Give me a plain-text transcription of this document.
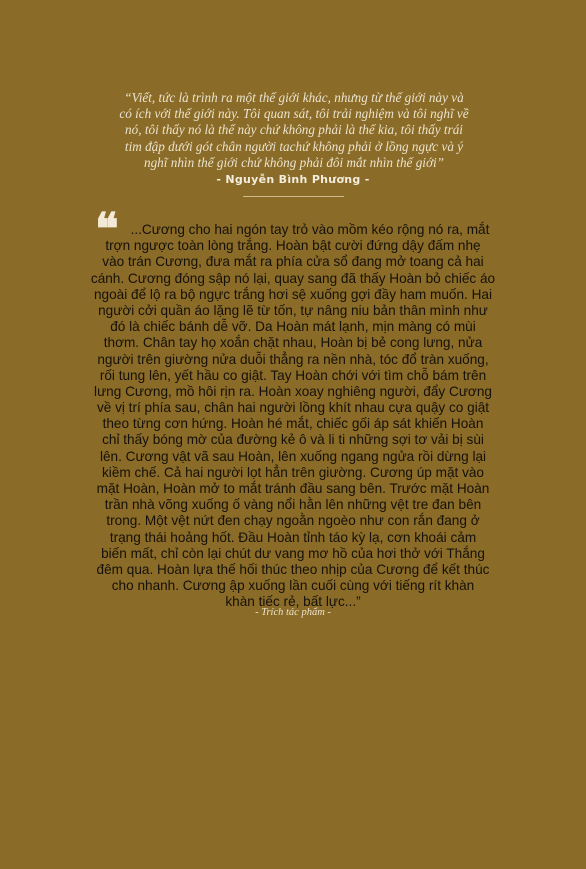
“Viết, tức là trình ra một thế giới khác, nhưng từ thế giới này và
có ích với thế giới này. Tôi quan sát, tôi trải nghiệm và tôi nghĩ về
nó, tôi thấy nó là thế này chứ không phải là thế kia, tôi thấy trái
tim đập dưới gót chân người tachứ không phải ở lồng ngực và ý
nghĩ nhìn thế giới chứ không phải đôi mắt nhìn thế giới”
- Nguyễn Bình Phương -
❝ ...Cương cho hai ngón tay trỏ vào mồm kéo rộng nó ra, mắt
trợn ngược toàn lòng trắng. Hoàn bật cười đứng dậy đấm nhẹ
vào trán Cương, đưa mắt ra phía cửa sổ đang mở toang cả hai
cánh. Cương đóng sập nó lại, quay sang đã thấy Hoàn bỏ chiếc áo
ngoài để lộ ra bộ ngực trắng hơi sệ xuống gợi đầy ham muốn. Hai
người cởi quần áo lặng lẽ từ tốn, tự nâng niu bản thân mình như
đó là chiếc bánh dễ vỡ. Da Hoàn mát lạnh, mịn màng có mùi
thơm. Chân tay họ xoắn chặt nhau, Hoàn bị bẻ cong lưng, nửa
người trên giường nửa duỗi thẳng ra nền nhà, tóc đổ tràn xuống,
rối tung lên, yết hầu co giật. Tay Hoàn chới với tìm chỗ bám trên
lưng Cương, mồ hôi rịn ra. Hoàn xoay nghiêng người, đẩy Cương
về vị trí phía sau, chân hai người lồng khít nhau cựa quậy co giật
theo từng cơn hứng. Hoàn hé mắt, chiếc gối áp sát khiến Hoàn
chỉ thấy bóng mờ của đường kẻ ô và li ti những sợi tơ vải bị sùi
lên. Cương vật vã sau Hoàn, lên xuống ngang ngửa rồi dừng lại
kiềm chế. Cả hai người lọt hẳn trên giường. Cương úp mặt vào
mặt Hoàn, Hoàn mở to mắt tránh đầu sang bên. Trước mặt Hoàn
trần nhà võng xuống ố vàng nổi hằn lên những vệt tre đan bên
trong. Một vệt nứt đen chạy ngoằn ngoèo như con rắn đang ở
trạng thái hoảng hốt. Đầu Hoàn tỉnh táo kỳ lạ, cơn khoái cảm
biến mất, chỉ còn lại chút dư vang mơ hồ của hơi thở với Thắng
đêm qua. Hoàn lựa thế hối thúc theo nhịp của Cương để kết thúc
cho nhanh. Cương ập xuống lần cuối cùng với tiếng rít khàn
khàn tiếc rẻ, bất lực...”
- Trích tác phẩm -
